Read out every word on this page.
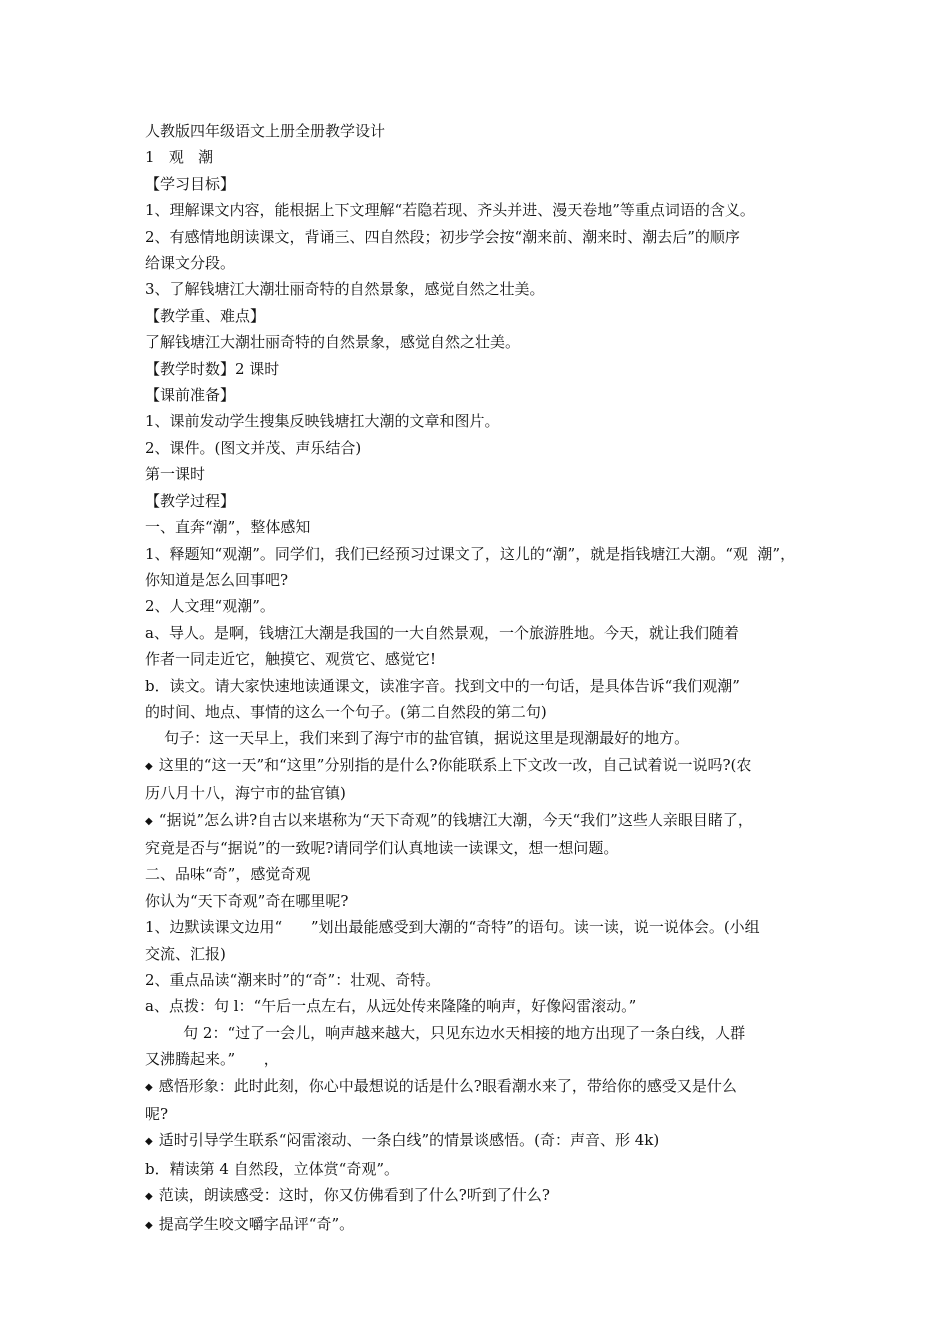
人教版四年级语文上册全册教学设计

1   观   潮

【学习目标】

1、理解课文内容，能根据上下文理解“若隐若现、齐头并进、漫天卷地”等重点词语的含义。

2、有感情地朗读课文，背诵三、四自然段；初步学会按“潮来前、潮来时、潮去后”的顺序

给课文分段。

3、了解钱塘江大潮壮丽奇特的自然景象，感觉自然之壮美。

【教学重、难点】

了解钱塘江大潮壮丽奇特的自然景象，感觉自然之壮美。

【教学时数】2 课时

【课前准备】

1、课前发动学生搜集反映钱塘扛大潮的文章和图片。

2、课件。(图文并茂、声乐结合)

第一课时

【教学过程】

一、直奔“潮”，整体感知

1、释题知“观潮”。同学们，我们已经预习过课文了，这儿的“潮”，就是指钱塘江大潮。“观  潮”，

你知道是怎么回事吧?

2、人文理“观潮”。

a、导人。是啊，钱塘江大潮是我国的一大自然景观，一个旅游胜地。今天，就让我们随着

作者一同走近它，触摸它、观赏它、感觉它!

b．读文。请大家快速地读通课文，读准字音。找到文中的一句话，是具体告诉“我们观潮”

的时间、地点、事情的这么一个句子。(第二自然段的第二句)

句子：这一天早上，我们来到了海宁市的盐官镇，据说这里是现潮最好的地方。

◆ 这里的“这一天”和“这里”分别指的是什么?你能联系上下文改一改，自己试着说一说吗?(农

历八月十八，海宁市的盐官镇)

◆ “据说”怎么讲?自古以来堪称为“天下奇观”的钱塘江大潮，今天“我们”这些人亲眼目睹了，

究竟是否与“据说”的一致呢?请同学们认真地读一读课文，想一想问题。

二、品味“奇”，感觉奇观

你认为“天下奇观”奇在哪里呢?

1、边默读课文边用“      ”划出最能感受到大潮的“奇特”的语句。读一读，说一说体会。(小组

交流、汇报)

2、重点品读“潮来时”的“奇”：壮观、奇特。

a、点拨：句 l：“午后一点左右，从远处传来隆隆的响声，好像闷雷滚动。”

句 2：“过了一会儿，响声越来越大，只见东边水天相接的地方出现了一条白线，人群

又沸腾起来。”      ，

◆ 感悟形象：此时此刻，你心中最想说的话是什么?眼看潮水来了，带给你的感受又是什么

呢?

◆ 适时引导学生联系“闷雷滚动、一条白线”的情景谈感悟。(奇：声音、形 4k)

b．精读第 4 自然段，立体赏“奇观”。

◆ 范读，朗读感受：这时，你又仿佛看到了什么?听到了什么?

◆ 提高学生咬文嚼字品评“奇”。
